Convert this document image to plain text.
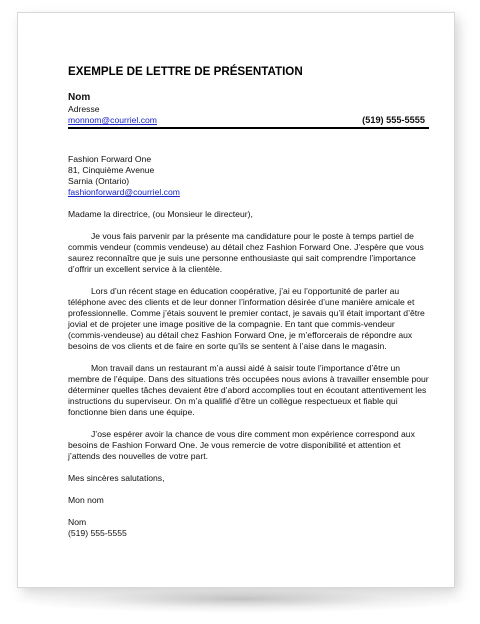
EXEMPLE DE LETTRE DE PRÉSENTATION
Nom
Adresse
monnom@courriel.com	(519) 555-5555
Fashion Forward One
81, Cinquième Avenue
Sarnia (Ontario)
fashionforward@courriel.com
Madame la directrice, (ou Monsieur le directeur),
Je vous fais parvenir par la présente ma candidature pour le poste à temps partiel de commis vendeur (commis vendeuse) au détail chez Fashion Forward One. J’espère que vous saurez reconnaître que je suis une personne enthousiaste qui sait comprendre l’importance d’offrir un excellent service à la clientèle.
Lors d’un récent stage en éducation coopérative, j’ai eu l’opportunité de parler au téléphone avec des clients et de leur donner l’information désirée d’une manière amicale et professionnelle. Comme j’étais souvent le premier contact, je savais qu’il était important d’être jovial et de projeter une image positive de la compagnie. En tant que commis-vendeur (commis-vendeuse) au détail chez Fashion Forward One, je m’efforcerais de répondre aux besoins de vos clients et de faire en sorte qu’ils se sentent à l’aise dans le magasin.
Mon travail dans un restaurant m’a aussi aidé à saisir toute l’importance d’être un membre de l’équipe. Dans des situations très occupées nous avions à travailler ensemble pour déterminer quelles tâches devaient être d’abord accomplies tout en écoutant attentivement les instructions du superviseur. On m’a qualifié d’être un collègue respectueux et fiable qui fonctionne bien dans une équipe.
J’ose espérer avoir la chance de vous dire comment mon expérience correspond aux besoins de Fashion Forward One. Je vous remercie de votre disponibilité et attention et j’attends des nouvelles de votre part.
Mes sincères salutations,
Mon nom
Nom
(519) 555-5555
